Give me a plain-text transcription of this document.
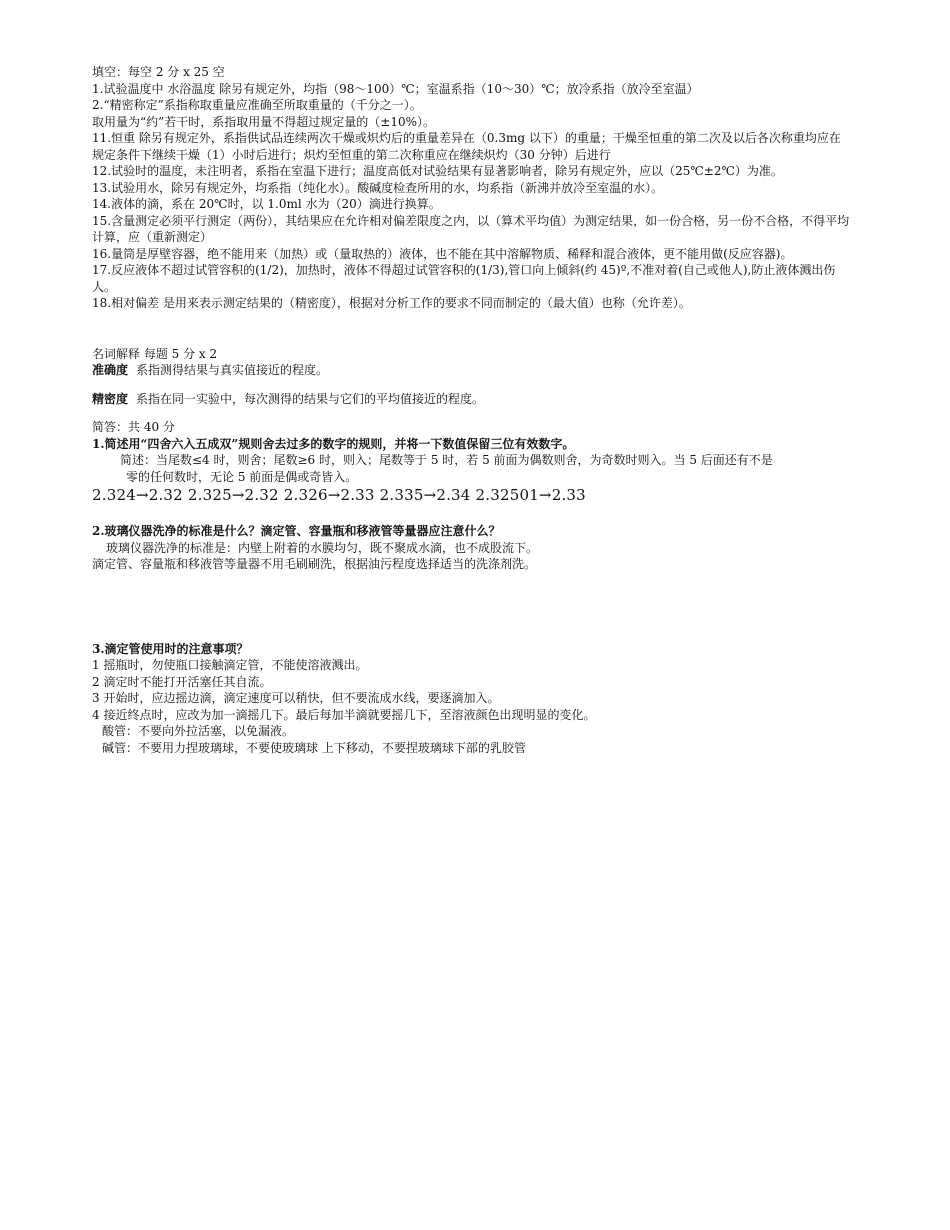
填空：每空 2 分 x 25 空

1.试验温度中 水浴温度 除另有规定外，均指（98～100）℃；室温系指（10～30）℃；放冷系指（放冷至室温）

2.“精密称定”系指称取重量应准确至所取重量的（千分之一）。

取用量为“约”若干时，系指取用量不得超过规定量的（±10%）。

11.恒重 除另有规定外，系指供试品连续两次干燥或炽灼后的重量差异在（0.3mg 以下）的重量；干燥至恒重的第二次及以后各次称重均应在规定条件下继续干燥（1）小时后进行；炽灼至恒重的第二次称重应在继续炽灼（30 分钟）后进行

12.试验时的温度，未注明者，系指在室温下进行；温度高低对试验结果有显著影响者，除另有规定外，应以（25℃±2℃）为准。

13.试验用水，除另有规定外，均系指（纯化水）。酸碱度检查所用的水，均系指（新沸并放冷至室温的水）。

14.液体的滴，系在 20℃时，以 1.0ml 水为（20）滴进行换算。

15.含量测定必须平行测定（两份），其结果应在允许相对偏差限度之内，以（算术平均值）为测定结果，如一份合格，另一份不合格，不得平均计算，应（重新测定）

16.量筒是厚壁容器，绝不能用来（加热）或（量取热的）液体，也不能在其中溶解物质、稀释和混合液体，更不能用做(反应容器)。

17.反应液体不超过试管容积的(1/2)，加热时，液体不得超过试管容积的(1/3),管口向上倾斜(约 45)º,不准对着(自己或他人),防止液体溅出伤人。

18.相对偏差 是用来表示测定结果的（精密度），根据对分析工作的要求不同而制定的（最大值）也称（允许差）。

名词解释 每题 5 分 x 2

准确度 系指测得结果与真实值接近的程度。

精密度 系指在同一实验中，每次测得的结果与它们的平均值接近的程度。

简答：共 40 分

1.简述用“四舍六入五成双”规则舍去过多的数字的规则，并将一下数值保留三位有效数字。

简述：当尾数≤4 时，则舍；尾数≥6 时，则入；尾数等于 5 时，若 5 前面为偶数则舍，为奇数时则入。当 5 后面还有不是

零的任何数时，无论 5 前面是偶或奇皆入。

2.324→2.32 2.325→2.32 2.326→2.33 2.335→2.34 2.32501→2.33

2.玻璃仪器洗净的标准是什么？滴定管、容量瓶和移液管等量器应注意什么？

玻璃仪器洗净的标准是：内壁上附着的水膜均匀，既不聚成水滴，也不成股流下。

滴定管、容量瓶和移液管等量器不用毛刷刷洗，根据油污程度选择适当的洗涤剂洗。

3.滴定管使用时的注意事项？

1 摇瓶时，勿使瓶口接触滴定管，不能使溶液溅出。

2 滴定时不能打开活塞任其自流。

3 开始时，应边摇边滴，滴定速度可以稍快，但不要流成水线，要逐滴加入。

4 接近终点时，应改为加一滴摇几下。最后每加半滴就要摇几下，至溶液颜色出现明显的变化。

酸管：不要向外拉活塞，以免漏液。

碱管：不要用力捏玻璃球，不要使玻璃球 上下移动，不要捏玻璃球下部的乳胶管
